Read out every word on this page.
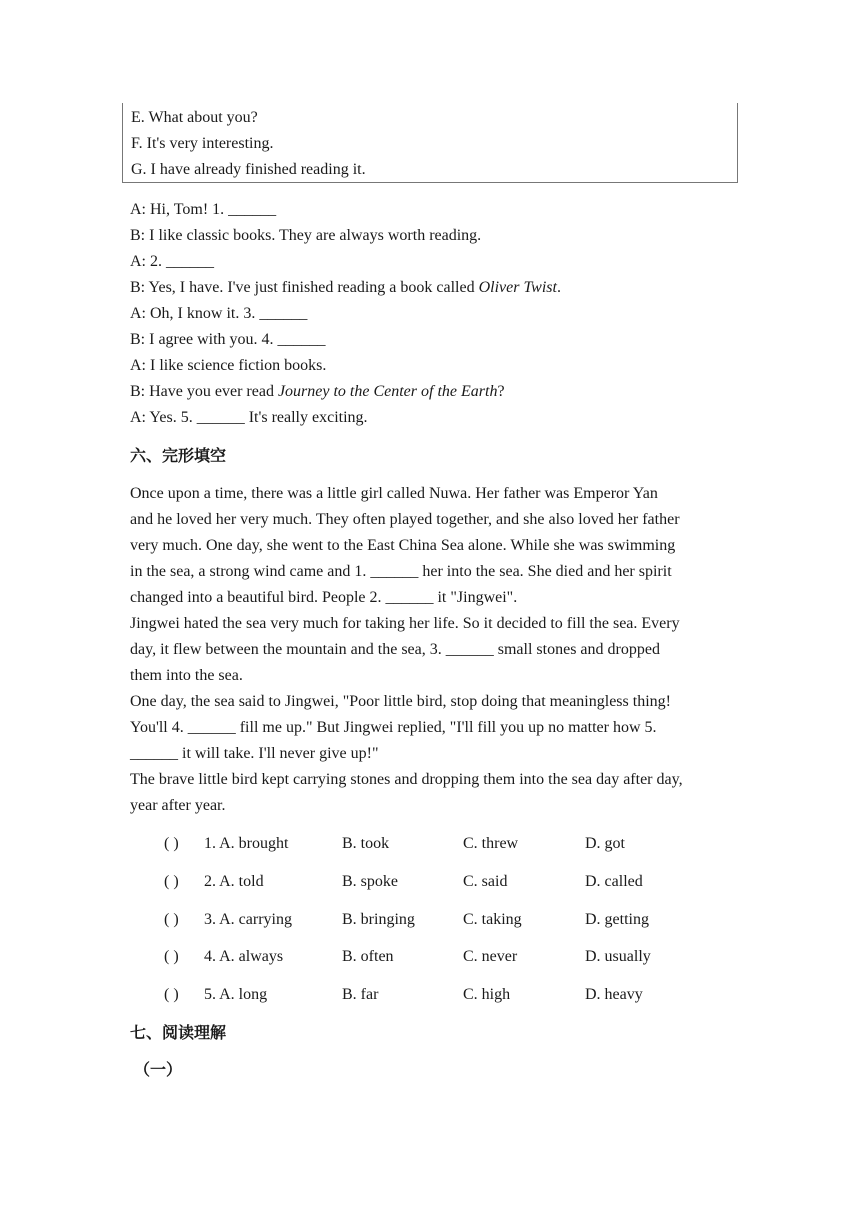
E. What about you?
F. It's very interesting.
G. I have already finished reading it.
A: Hi, Tom! 1. ______
B: I like classic books. They are always worth reading.
A: 2. ______
B: Yes, I have. I've just finished reading a book called Oliver Twist.
A: Oh, I know it. 3. ______
B: I agree with you. 4. ______
A: I like science fiction books.
B: Have you ever read Journey to the Center of the Earth?
A: Yes. 5. ______ It's really exciting.
六、完形填空
Once upon a time, there was a little girl called Nuwa. Her father was Emperor Yan
and he loved her very much. They often played together, and she also loved her father
very much. One day, she went to the East China Sea alone. While she was swimming
in the sea, a strong wind came and 1. ______ her into the sea. She died and her spirit
changed into a beautiful bird. People 2. ______ it "Jingwei".
Jingwei hated the sea very much for taking her life. So it decided to fill the sea. Every
day, it flew between the mountain and the sea, 3. ______ small stones and dropped
them into the sea.
One day, the sea said to Jingwei, "Poor little bird, stop doing that meaningless thing!
You'll 4. ______ fill me up." But Jingwei replied, "I'll fill you up no matter how 5.
______ it will take. I'll never give up!"
The brave little bird kept carrying stones and dropping them into the sea day after day,
year after year.
( ) 1. A. brought	B. took	C. threw	D. got
( ) 2. A. told	B. spoke	C. said	D. called
( ) 3. A. carrying	B. bringing	C. taking	D. getting
( ) 4. A. always	B. often	C. never	D. usually
( ) 5. A. long	B. far	C. high	D. heavy
七、阅读理解
（一）
